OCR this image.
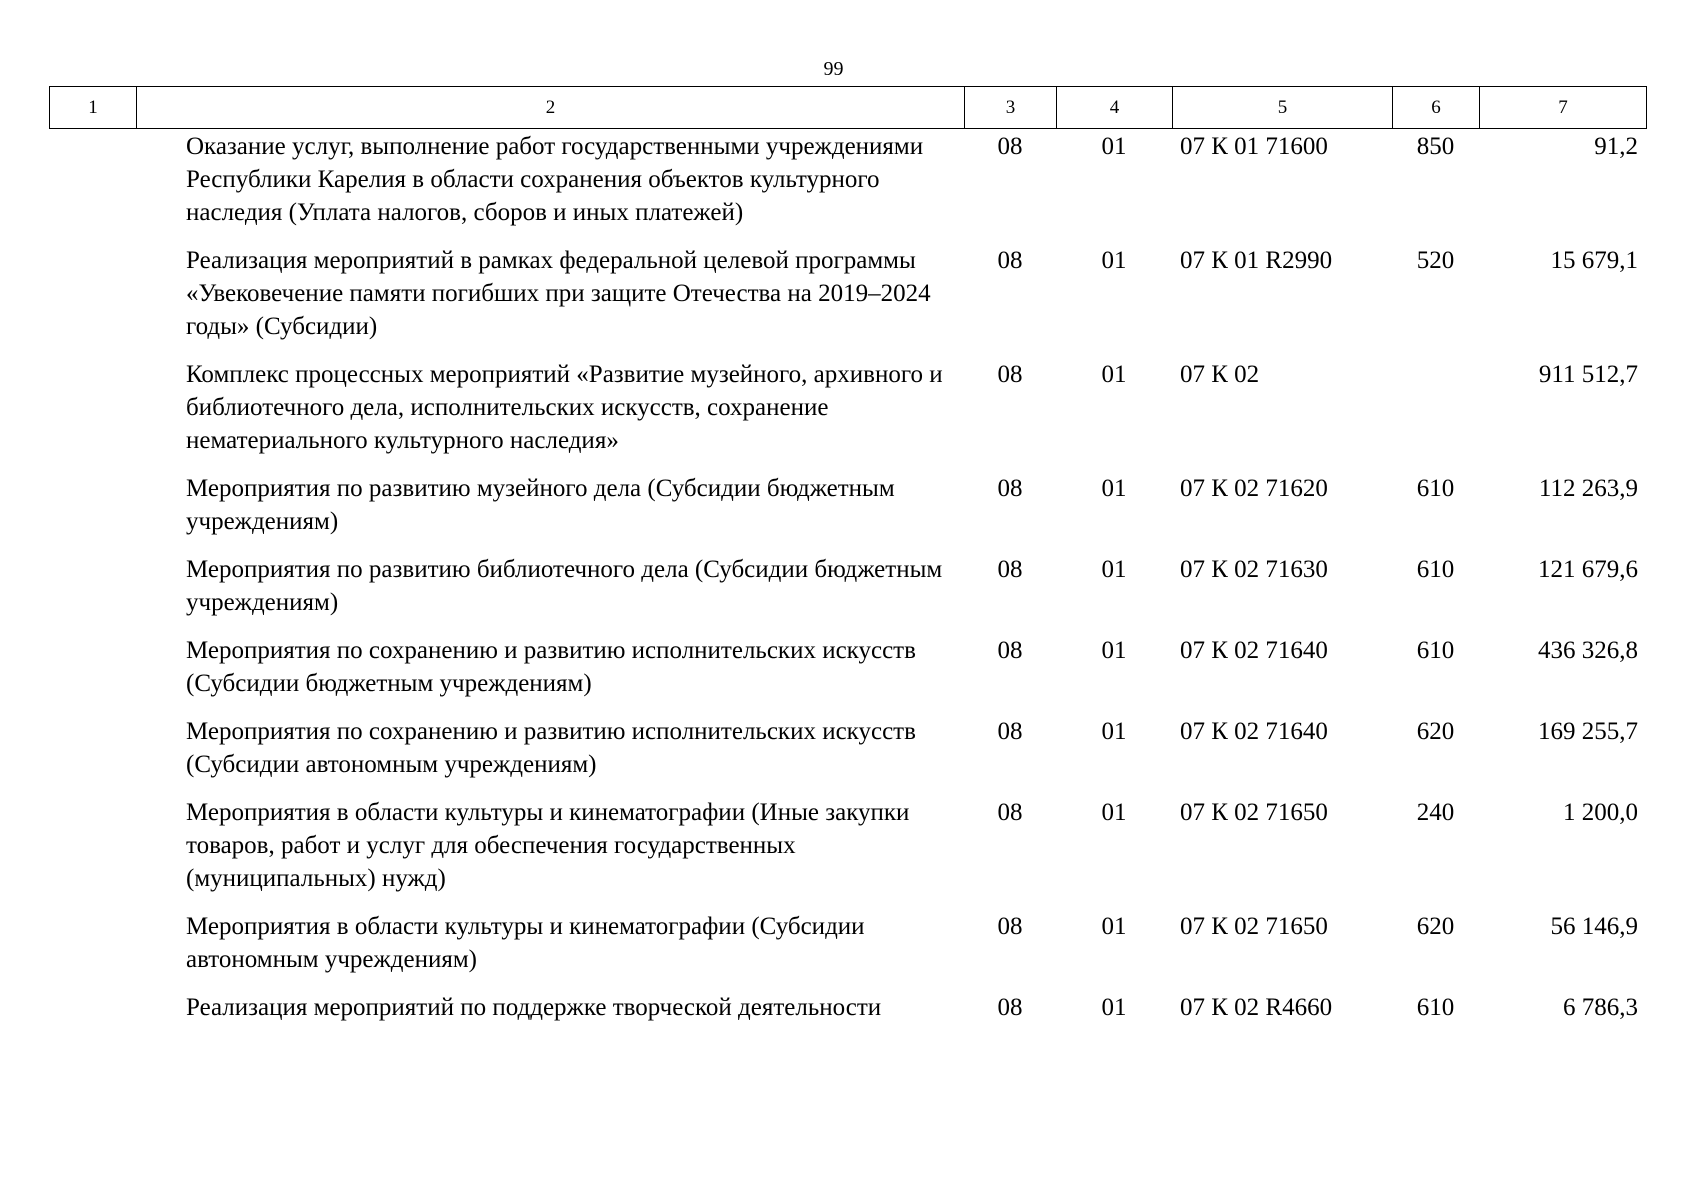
99
1	2	3	4	5	6	7
	Оказание услуг, выполнение работ государственными учреждениями Республики Карелия в области сохранения объектов культурного наследия (Уплата налогов, сборов и иных платежей)	08	01	07 К 01 71600	850	91,2
	Реализация мероприятий в рамках федеральной целевой программы «Увековечение памяти погибших при защите Отечества на 2019–2024 годы» (Субсидии)	08	01	07 К 01 R2990	520	15 679,1
	Комплекс процессных мероприятий «Развитие музейного, архивного и библиотечного дела, исполнительских искусств, сохранение нематериального культурного наследия»	08	01	07 К 02		911 512,7
	Мероприятия по развитию музейного дела (Субсидии бюджетным учреждениям)	08	01	07 К 02 71620	610	112 263,9
	Мероприятия по развитию библиотечного дела (Субсидии бюджетным учреждениям)	08	01	07 К 02 71630	610	121 679,6
	Мероприятия по сохранению и развитию исполнительских искусств (Субсидии бюджетным учреждениям)	08	01	07 К 02 71640	610	436 326,8
	Мероприятия по сохранению и развитию исполнительских искусств (Субсидии автономным учреждениям)	08	01	07 К 02 71640	620	169 255,7
	Мероприятия в области культуры и кинематографии (Иные закупки товаров, работ и услуг для обеспечения государственных (муниципальных) нужд)	08	01	07 К 02 71650	240	1 200,0
	Мероприятия в области культуры и кинематографии (Субсидии автономным учреждениям)	08	01	07 К 02 71650	620	56 146,9
	Реализация мероприятий по поддержке творческой деятельности	08	01	07 К 02 R4660	610	6 786,3
